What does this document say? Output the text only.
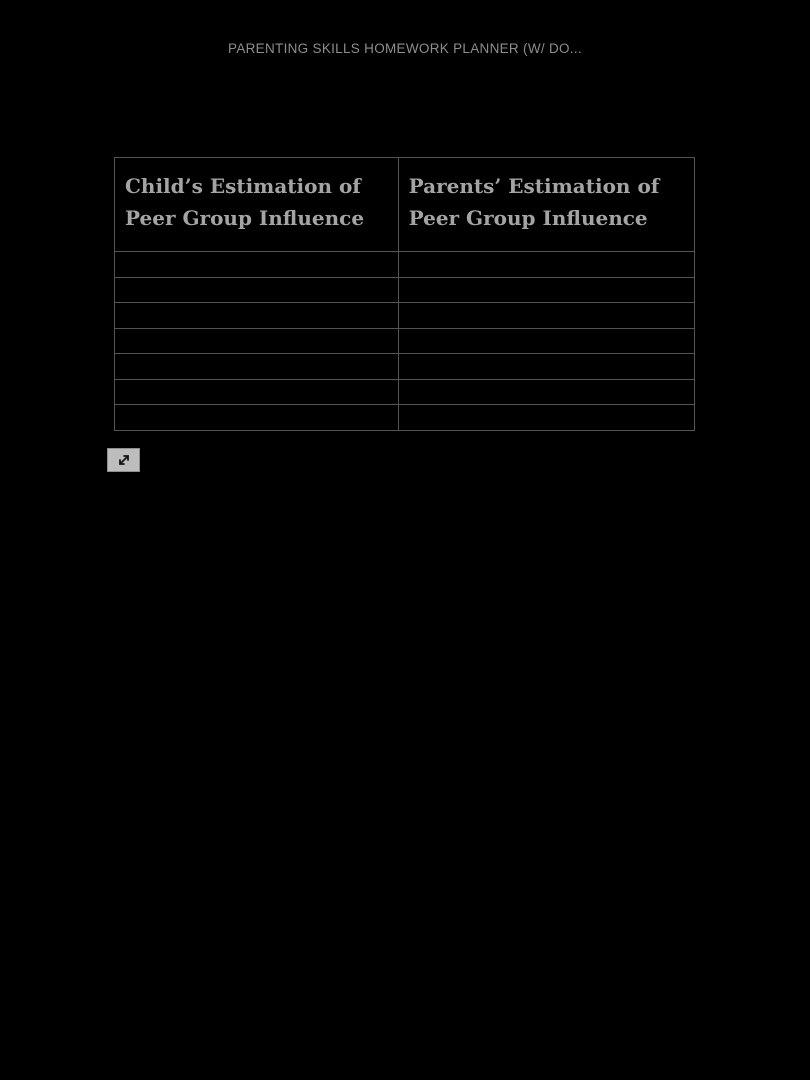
PARENTING SKILLS HOMEWORK PLANNER (W/ DO...
Child’s Estimation of Peer Group Influence	Parents’ Estimation of Peer Group Influence
